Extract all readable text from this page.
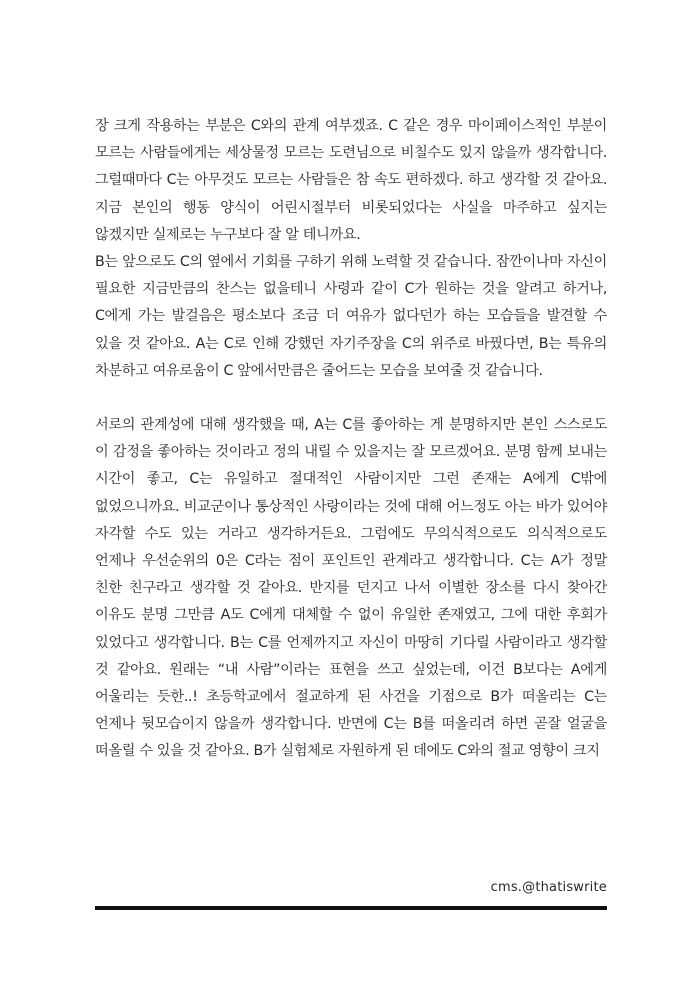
장 크게 작용하는 부분은 C와의 관계 여부겠죠. C 같은 경우 마이페이스적인 부분이 모르는 사람들에게는 세상물정 모르는 도련님으로 비칠수도 있지 않을까 생각합니다. 그럴때마다 C는 아무것도 모르는 사람들은 참 속도 편하겠다. 하고 생각할 것 같아요. 지금 본인의 행동 양식이 어린시절부터 비롯되었다는 사실을 마주하고 싶지는 않겠지만 실제로는 누구보다 잘 알 테니까요.

B는 앞으로도 C의 옆에서 기회를 구하기 위해 노력할 것 같습니다. 잠깐이나마 자신이 필요한 지금만큼의 찬스는 없을테니 사령과 같이 C가 원하는 것을 알려고 하거나, C에게 가는 발걸음은 평소보다 조금 더 여유가 없다던가 하는 모습들을 발견할 수 있을 것 같아요. A는 C로 인해 강했던 자기주장을 C의 위주로 바꿨다면, B는 특유의 차분하고 여유로움이 C 앞에서만큼은 줄어드는 모습을 보여줄 것 같습니다.

서로의 관계성에 대해 생각했을 때, A는 C를 좋아하는 게 분명하지만 본인 스스로도 이 감정을 좋아하는 것이라고 정의 내릴 수 있을지는 잘 모르겠어요. 분명 함께 보내는 시간이 좋고, C는 유일하고 절대적인 사람이지만 그런 존재는 A에게 C밖에 없었으니까요. 비교군이나 통상적인 사랑이라는 것에 대해 어느정도 아는 바가 있어야 자각할 수도 있는 거라고 생각하거든요. 그럼에도 무의식적으로도 의식적으로도 언제나 우선순위의 0은 C라는 점이 포인트인 관계라고 생각합니다. C는 A가 정말 친한 친구라고 생각할 것 같아요. 반지를 던지고 나서 이별한 장소를 다시 찾아간 이유도 분명 그만큼 A도 C에게 대체할 수 없이 유일한 존재였고, 그에 대한 후회가 있었다고 생각합니다. B는 C를 언제까지고 자신이 마땅히 기다릴 사람이라고 생각할 것 같아요. 원래는 “내 사람”이라는 표현을 쓰고 싶었는데, 이건 B보다는 A에게 어울리는 듯한..! 초등학교에서 절교하게 된 사건을 기점으로 B가 떠올리는 C는 언제나 뒷모습이지 않을까 생각합니다. 반면에 C는 B를 떠올리려 하면 곧잘 얼굴을 떠올릴 수 있을 것 같아요. B가 실험체로 자원하게 된 데에도 C와의 절교 영향이 크지

cms.@thatiswrite
